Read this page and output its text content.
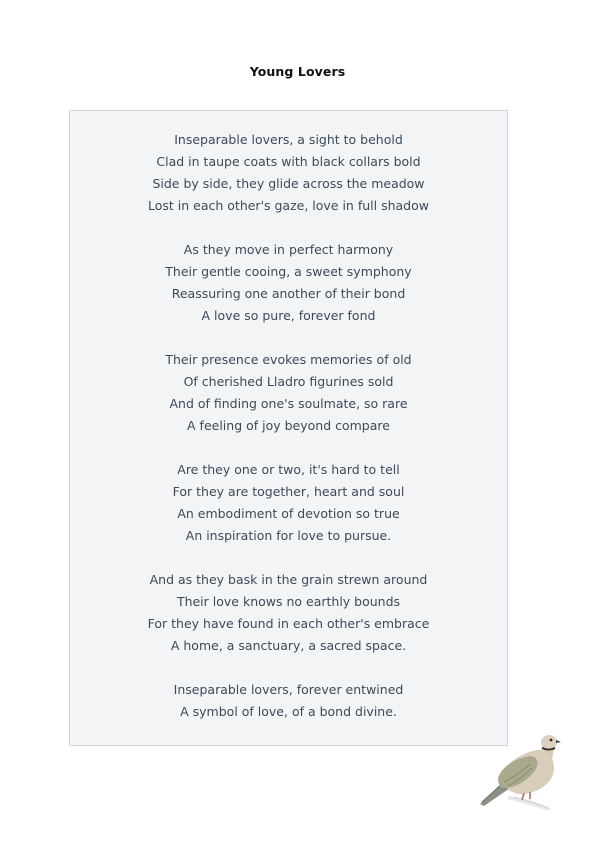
Young Lovers
Inseparable lovers, a sight to behold
Clad in taupe coats with black collars bold
Side by side, they glide across the meadow
Lost in each other's gaze, love in full shadow
As they move in perfect harmony
Their gentle cooing, a sweet symphony
Reassuring one another of their bond
A love so pure, forever fond
Their presence evokes memories of old
Of cherished Lladro figurines sold
And of finding one's soulmate, so rare
A feeling of joy beyond compare
Are they one or two, it's hard to tell
For they are together, heart and soul
An embodiment of devotion so true
An inspiration for love to pursue.
And as they bask in the grain strewn around
Their love knows no earthly bounds
For they have found in each other's embrace
A home, a sanctuary, a sacred space.
Inseparable lovers, forever entwined
A symbol of love, of a bond divine.
